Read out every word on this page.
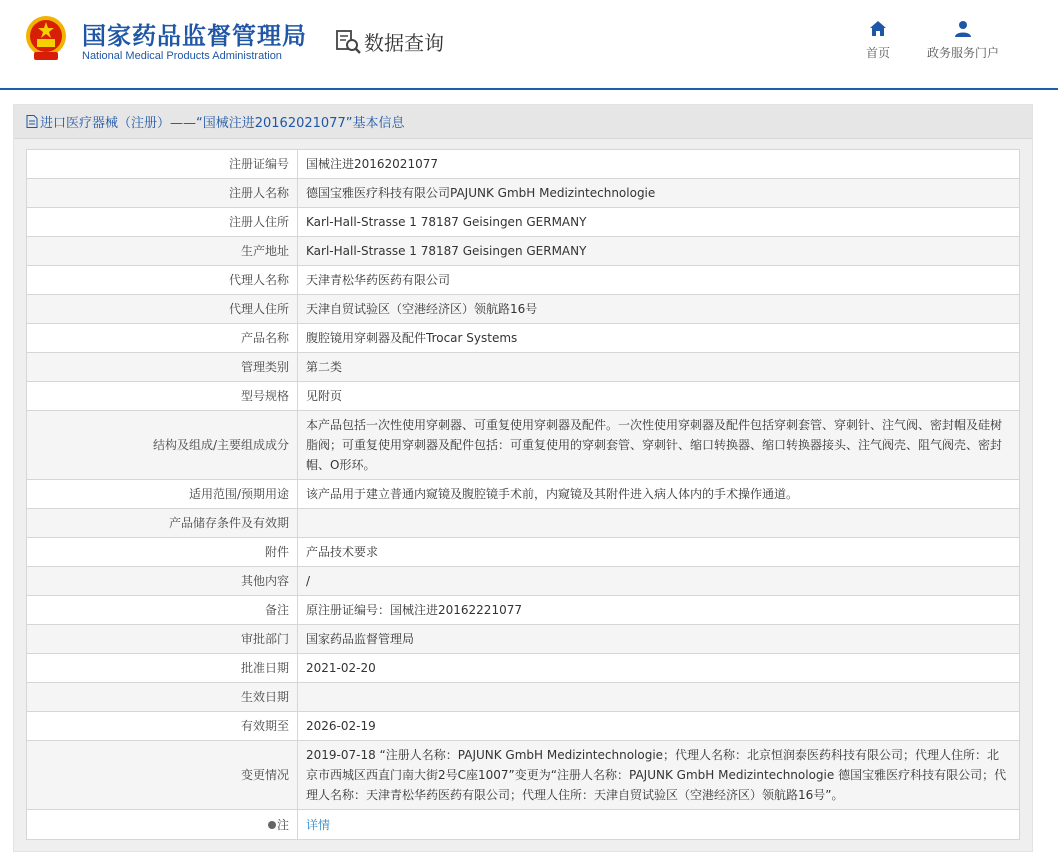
国家药品监督管理局
National Medical Products Administration
数据查询	首页	政务服务门户
进口医疗器械（注册）——“国械注进20162021077”基本信息
注册证编号	国械注进20162021077
注册人名称	德国宝雅医疗科技有限公司PAJUNK GmbH Medizintechnologie
注册人住所	Karl-Hall-Strasse 1 78187 Geisingen GERMANY
生产地址	Karl-Hall-Strasse 1 78187 Geisingen GERMANY
代理人名称	天津青松华药医药有限公司
代理人住所	天津自贸试验区（空港经济区）领航路16号
产品名称	腹腔镜用穿刺器及配件Trocar Systems
管理类别	第二类
型号规格	见附页
结构及组成/主要组成成分	本产品包括一次性使用穿刺器、可重复使用穿刺器及配件。一次性使用穿刺器及配件包括穿刺套管、穿刺针、注气阀、密封帽及硅树脂阀；可重复使用穿刺器及配件包括：可重复使用的穿刺套管、穿刺针、缩口转换器、缩口转换器接头、注气阀壳、阻气阀壳、密封帽、O形环。
适用范围/预期用途	该产品用于建立普通内窥镜及腹腔镜手术前，内窥镜及其附件进入病人体内的手术操作通道。
产品储存条件及有效期	
附件	产品技术要求
其他内容	/
备注	原注册证编号：国械注进20162221077
审批部门	国家药品监督管理局
批准日期	2021-02-20
生效日期	
有效期至	2026-02-19
变更情况	2019-07-18 “注册人名称：PAJUNK GmbH Medizintechnologie；代理人名称：北京恒润泰医药科技有限公司；代理人住所：北京市西城区西直门南大街2号C座1007”变更为“注册人名称：PAJUNK GmbH Medizintechnologie 德国宝雅医疗科技有限公司；代理人名称：天津青松华药医药有限公司；代理人住所：天津自贸试验区（空港经济区）领航路16号”。
注	详情
